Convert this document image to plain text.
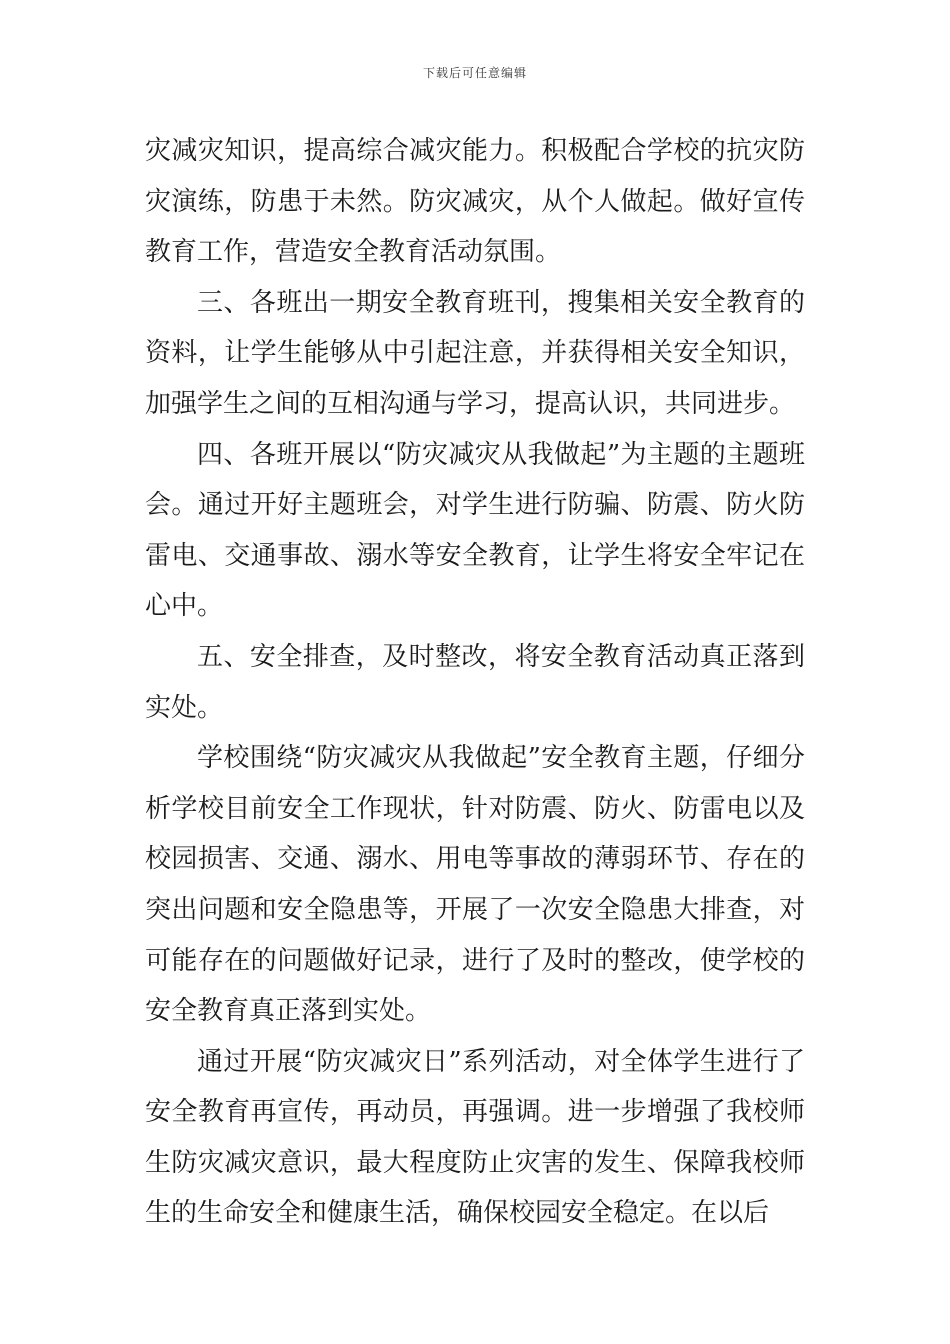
下载后可任意编辑

灾减灾知识，提高综合减灾能力。积极配合学校的抗灾防灾演练，防患于未然。防灾减灾，从个人做起。做好宣传教育工作，营造安全教育活动氛围。

三、各班出一期安全教育班刊，搜集相关安全教育的资料，让学生能够从中引起注意，并获得相关安全知识，加强学生之间的互相沟通与学习，提高认识，共同进步。

四、各班开展以“防灾减灾从我做起”为主题的主题班会。通过开好主题班会，对学生进行防骗、防震、防火防雷电、交通事故、溺水等安全教育，让学生将安全牢记在心中。

五、安全排查，及时整改，将安全教育活动真正落到实处。

学校围绕“防灾减灾从我做起”安全教育主题，仔细分析学校目前安全工作现状，针对防震、防火、防雷电以及校园损害、交通、溺水、用电等事故的薄弱环节、存在的突出问题和安全隐患等，开展了一次安全隐患大排查，对可能存在的问题做好记录，进行了及时的整改，使学校的安全教育真正落到实处。

通过开展“防灾减灾日”系列活动，对全体学生进行了安全教育再宣传，再动员，再强调。进一步增强了我校师生防灾减灾意识，最大程度防止灾害的发生、保障我校师生的生命安全和健康生活，确保校园安全稳定。在以后
